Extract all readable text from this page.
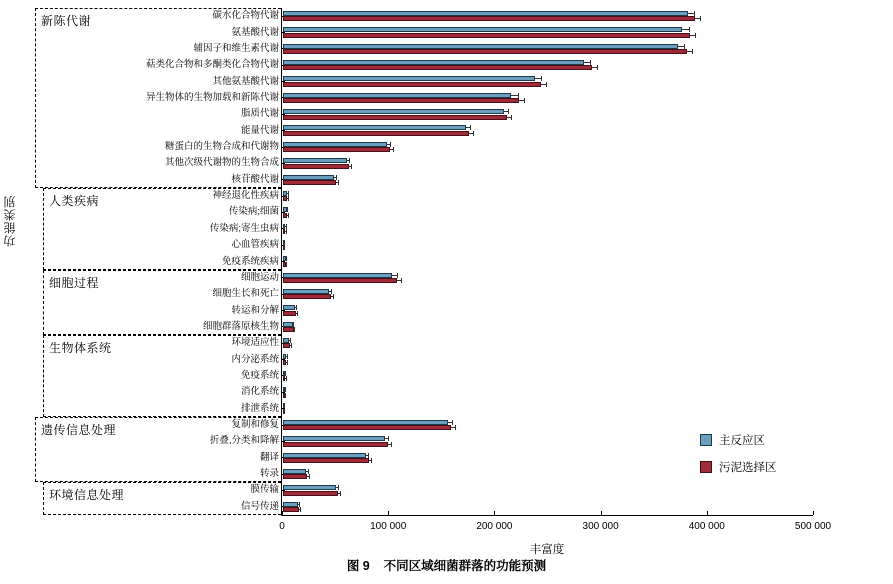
功能类别
0	100 000	200 000	300 000	400 000	500 000
丰富度
主反应区
污泥选择区
图 9 不同区域细菌群落的功能预测
碳水化合物代谢
氨基酸代谢
辅因子和维生素代谢
萜类化合物和多酮类化合物代谢
其他氨基酸代谢
异生物体的生物加载和新陈代谢
脂质代谢
能量代谢
糖蛋白的生物合成和代谢物
其他次级代谢物的生物合成
核苷酸代谢
神经退化性疾病
传染病;细菌
传染病;寄生虫病
心血管疾病
免疫系统疾病
细胞运动
细胞生长和死亡
转运和分解
细胞群落原核生物
环境适应性
内分泌系统
免疫系统
消化系统
排泄系统
复制和修复
折叠,分类和降解
翻译
转录
膜传输
信号传递
新陈代谢
人类疾病
细胞过程
生物体系统
遗传信息处理
环境信息处理
